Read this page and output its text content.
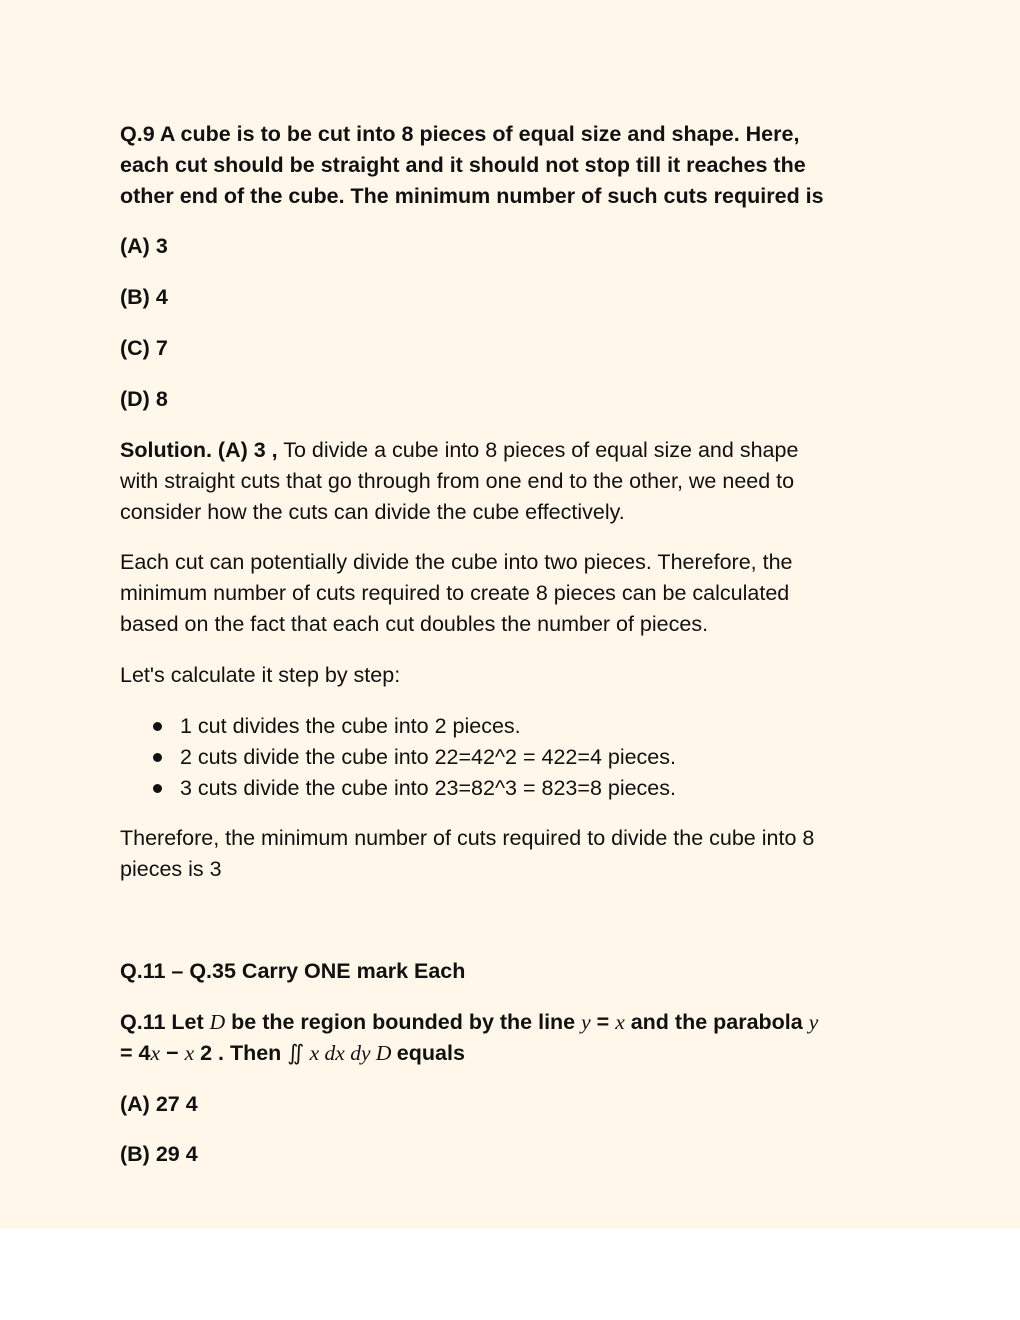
Q.9 A cube is to be cut into 8 pieces of equal size and shape. Here,

each cut should be straight and it should not stop till it reaches the

other end of the cube. The minimum number of such cuts required is

(A) 3

(B) 4

(C) 7

(D) 8

Solution. (A) 3 , To divide a cube into 8 pieces of equal size and shape

with straight cuts that go through from one end to the other, we need to

consider how the cuts can divide the cube effectively.

Each cut can potentially divide the cube into two pieces. Therefore, the

minimum number of cuts required to create 8 pieces can be calculated

based on the fact that each cut doubles the number of pieces.

Let's calculate it step by step:

1 cut divides the cube into 2 pieces.
2 cuts divide the cube into 22=42^2 = 422=4 pieces.
3 cuts divide the cube into 23=82^3 = 823=8 pieces.

Therefore, the minimum number of cuts required to divide the cube into 8

pieces is 3

Q.11 – Q.35 Carry ONE mark Each

Q.11 Let D be the region bounded by the line y = x and the parabola y

= 4x − x 2 . Then ∬ x dx dy D equals

(A) 27 4

(B) 29 4
